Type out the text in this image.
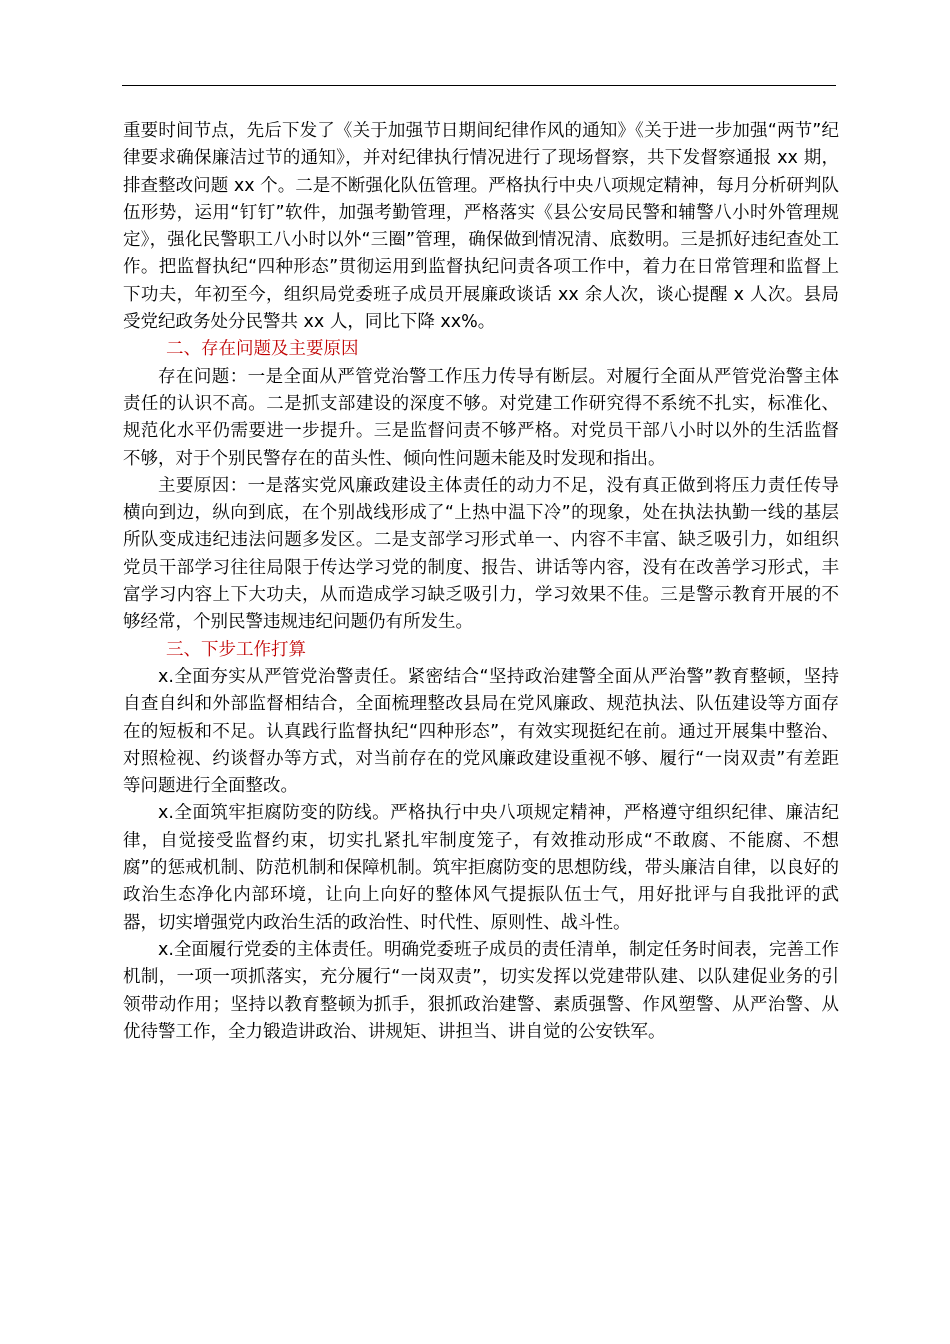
重要时间节点，先后下发了《关于加强节日期间纪律作风的通知》《关于进一步加强“两节”纪律要求确保廉洁过节的通知》，并对纪律执行情况进行了现场督察，共下发督察通报 xx 期，排查整改问题 xx 个。二是不断强化队伍管理。严格执行中央八项规定精神，每月分析研判队伍形势，运用“钉钉”软件，加强考勤管理，严格落实《县公安局民警和辅警八小时外管理规定》，强化民警职工八小时以外“三圈”管理，确保做到情况清、底数明。三是抓好违纪查处工作。把监督执纪“四种形态”贯彻运用到监督执纪问责各项工作中，着力在日常管理和监督上下功夫，年初至今，组织局党委班子成员开展廉政谈话 xx 余人次，谈心提醒 x 人次。县局受党纪政务处分民警共 xx 人，同比下降 xx%。

二、存在问题及主要原因

存在问题：一是全面从严管党治警工作压力传导有断层。对履行全面从严管党治警主体责任的认识不高。二是抓支部建设的深度不够。对党建工作研究得不系统不扎实，标准化、规范化水平仍需要进一步提升。三是监督问责不够严格。对党员干部八小时以外的生活监督不够，对于个别民警存在的苗头性、倾向性问题未能及时发现和指出。

主要原因：一是落实党风廉政建设主体责任的动力不足，没有真正做到将压力责任传导横向到边，纵向到底，在个别战线形成了“上热中温下冷”的现象，处在执法执勤一线的基层所队变成违纪违法问题多发区。二是支部学习形式单一、内容不丰富、缺乏吸引力，如组织党员干部学习往往局限于传达学习党的制度、报告、讲话等内容，没有在改善学习形式，丰富学习内容上下大功夫，从而造成学习缺乏吸引力，学习效果不佳。三是警示教育开展的不够经常，个别民警违规违纪问题仍有所发生。

三、下步工作打算

x.全面夯实从严管党治警责任。紧密结合“坚持政治建警全面从严治警”教育整顿，坚持自查自纠和外部监督相结合，全面梳理整改县局在党风廉政、规范执法、队伍建设等方面存在的短板和不足。认真践行监督执纪“四种形态”，有效实现挺纪在前。通过开展集中整治、对照检视、约谈督办等方式，对当前存在的党风廉政建设重视不够、履行“一岗双责”有差距等问题进行全面整改。

x.全面筑牢拒腐防变的防线。严格执行中央八项规定精神，严格遵守组织纪律、廉洁纪律，自觉接受监督约束，切实扎紧扎牢制度笼子，有效推动形成“不敢腐、不能腐、不想腐”的惩戒机制、防范机制和保障机制。筑牢拒腐防变的思想防线，带头廉洁自律，以良好的政治生态净化内部环境，让向上向好的整体风气提振队伍士气，用好批评与自我批评的武器，切实增强党内政治生活的政治性、时代性、原则性、战斗性。

x.全面履行党委的主体责任。明确党委班子成员的责任清单，制定任务时间表，完善工作机制，一项一项抓落实，充分履行“一岗双责”，切实发挥以党建带队建、以队建促业务的引领带动作用；坚持以教育整顿为抓手，狠抓政治建警、素质强警、作风塑警、从严治警、从优待警工作，全力锻造讲政治、讲规矩、讲担当、讲自觉的公安铁军。
